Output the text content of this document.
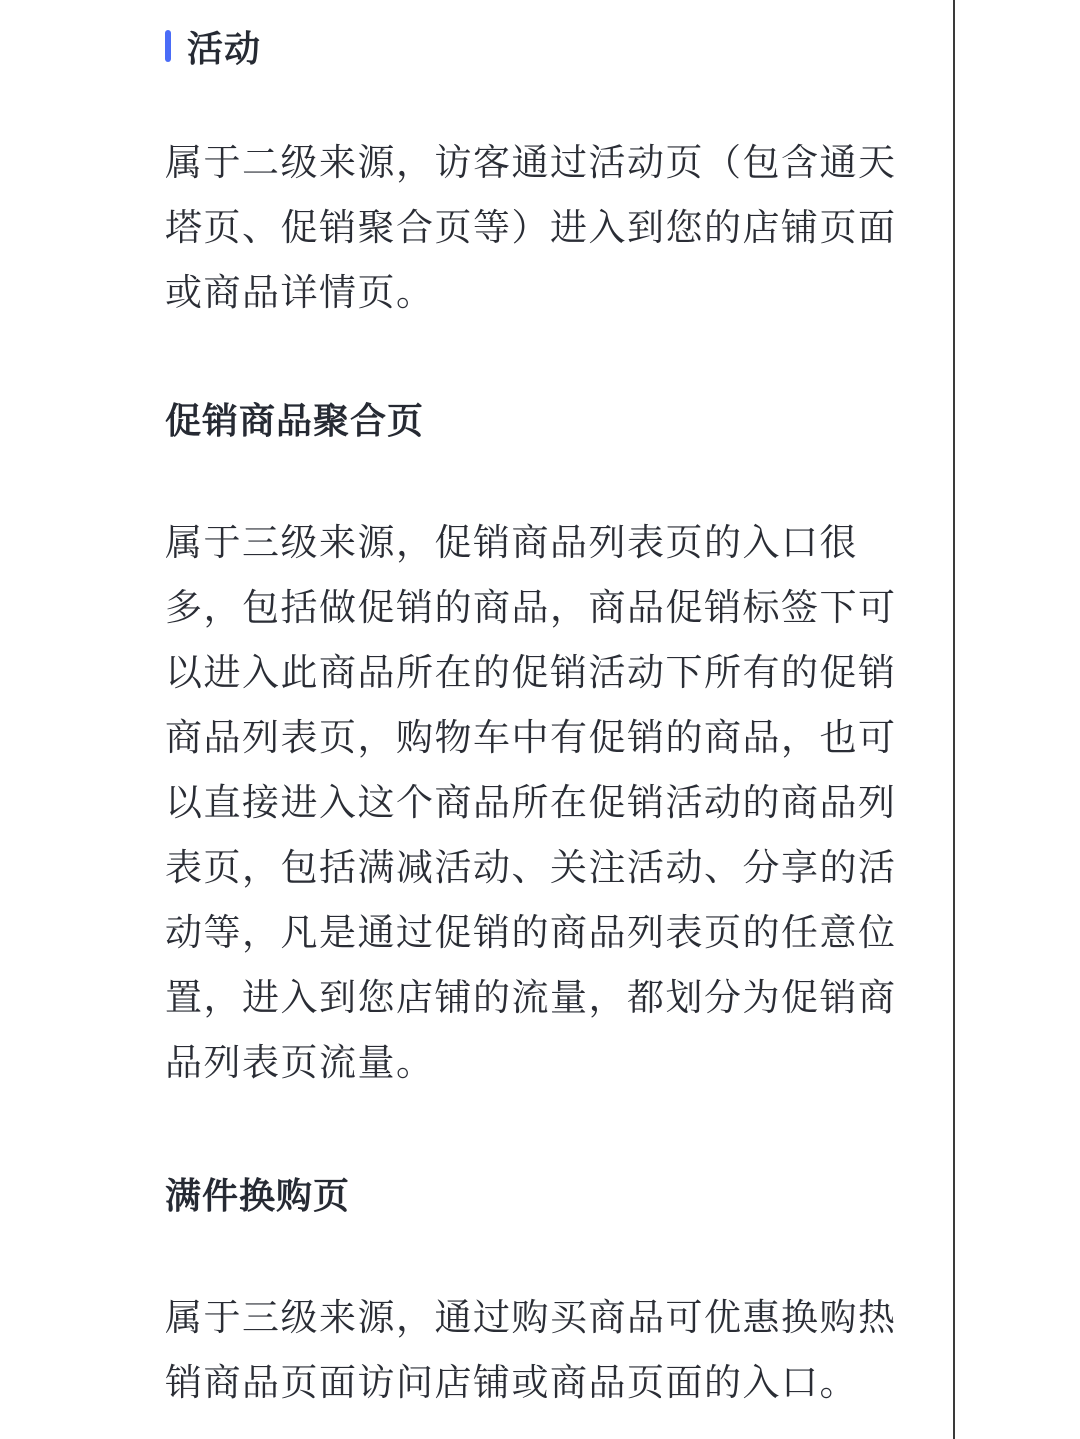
活动

属于二级来源，访客通过活动页（包含通天塔页、促销聚合页等）进入到您的店铺页面或商品详情页。

促销商品聚合页

属于三级来源，促销商品列表页的入口很多，包括做促销的商品，商品促销标签下可以进入此商品所在的促销活动下所有的促销商品列表页，购物车中有促销的商品，也可以直接进入这个商品所在促销活动的商品列表页，包括满减活动、关注活动、分享的活动等，凡是通过促销的商品列表页的任意位置，进入到您店铺的流量，都划分为促销商品列表页流量。

满件换购页

属于三级来源，通过购买商品可优惠换购热销商品页面访问店铺或商品页面的入口。
